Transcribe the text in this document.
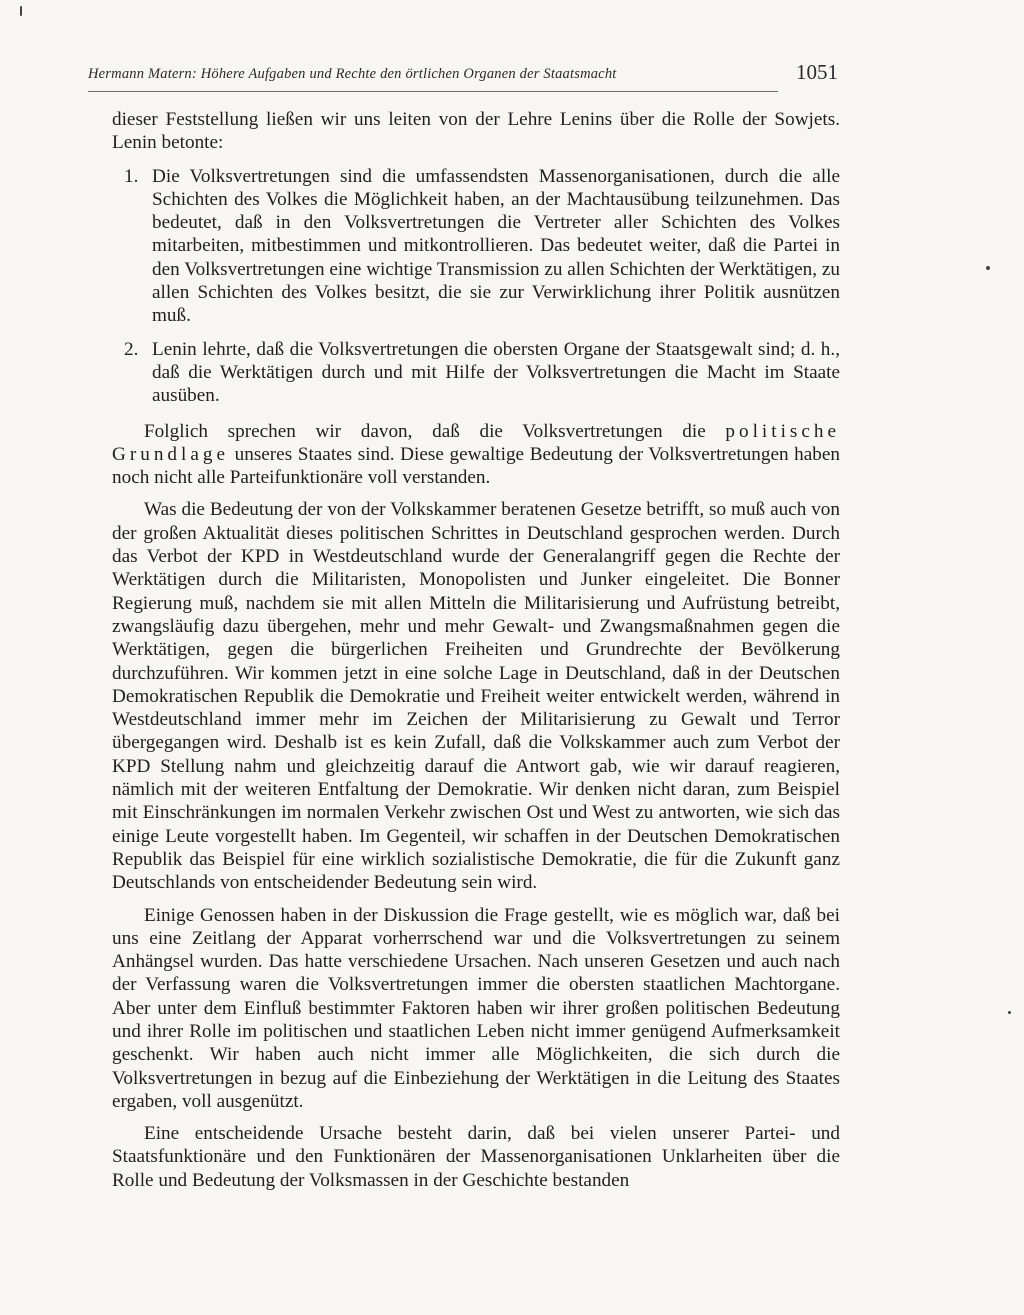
Hermann Matern: Höhere Aufgaben und Rechte den örtlichen Organen der Staatsmacht	1051

dieser Feststellung ließen wir uns leiten von der Lehre Lenins über die Rolle der Sowjets. Lenin betonte:

1. Die Volksvertretungen sind die umfassendsten Massenorganisationen, durch die alle Schichten des Volkes die Möglichkeit haben, an der Machtausübung teilzunehmen. Das bedeutet, daß in den Volksvertretungen die Vertreter aller Schichten des Volkes mitarbeiten, mitbestimmen und mitkontrollieren. Das bedeutet weiter, daß die Partei in den Volksvertretungen eine wichtige Transmission zu allen Schichten der Werktätigen, zu allen Schichten des Volkes besitzt, die sie zur Verwirklichung ihrer Politik ausnützen muß.
2. Lenin lehrte, daß die Volksvertretungen die obersten Organe der Staatsgewalt sind; d. h., daß die Werktätigen durch und mit Hilfe der Volksvertretungen die Macht im Staate ausüben.

Folglich sprechen wir davon, daß die Volksvertretungen die politische Grundlage unseres Staates sind. Diese gewaltige Bedeutung der Volksvertretungen haben noch nicht alle Parteifunktionäre voll verstanden.

Was die Bedeutung der von der Volkskammer beratenen Gesetze betrifft, so muß auch von der großen Aktualität dieses politischen Schrittes in Deutschland gesprochen werden. Durch das Verbot der KPD in Westdeutschland wurde der Generalangriff gegen die Rechte der Werktätigen durch die Militaristen, Monopolisten und Junker eingeleitet. Die Bonner Regierung muß, nachdem sie mit allen Mitteln die Militarisierung und Aufrüstung betreibt, zwangsläufig dazu übergehen, mehr und mehr Gewalt- und Zwangsmaßnahmen gegen die Werktätigen, gegen die bürgerlichen Freiheiten und Grundrechte der Bevölkerung durchzuführen. Wir kommen jetzt in eine solche Lage in Deutschland, daß in der Deutschen Demokratischen Republik die Demokratie und Freiheit weiter entwickelt werden, während in Westdeutschland immer mehr im Zeichen der Militarisierung zu Gewalt und Terror übergegangen wird. Deshalb ist es kein Zufall, daß die Volkskammer auch zum Verbot der KPD Stellung nahm und gleichzeitig darauf die Antwort gab, wie wir darauf reagieren, nämlich mit der weiteren Entfaltung der Demokratie. Wir denken nicht daran, zum Beispiel mit Einschränkungen im normalen Verkehr zwischen Ost und West zu antworten, wie sich das einige Leute vorgestellt haben. Im Gegenteil, wir schaffen in der Deutschen Demokratischen Republik das Beispiel für eine wirklich sozialistische Demokratie, die für die Zukunft ganz Deutschlands von entscheidender Bedeutung sein wird.

Einige Genossen haben in der Diskussion die Frage gestellt, wie es möglich war, daß bei uns eine Zeitlang der Apparat vorherrschend war und die Volksvertretungen zu seinem Anhängsel wurden. Das hatte verschiedene Ursachen. Nach unseren Gesetzen und auch nach der Verfassung waren die Volksvertretungen immer die obersten staatlichen Machtorgane. Aber unter dem Einfluß bestimmter Faktoren haben wir ihrer großen politischen Bedeutung und ihrer Rolle im politischen und staatlichen Leben nicht immer genügend Aufmerksamkeit geschenkt. Wir haben auch nicht immer alle Möglichkeiten, die sich durch die Volksvertretungen in bezug auf die Einbeziehung der Werktätigen in die Leitung des Staates ergaben, voll ausgenützt.

Eine entscheidende Ursache besteht darin, daß bei vielen unserer Partei- und Staatsfunktionäre und den Funktionären der Massenorganisationen Unklarheiten über die Rolle und Bedeutung der Volksmassen in der Geschichte bestanden
